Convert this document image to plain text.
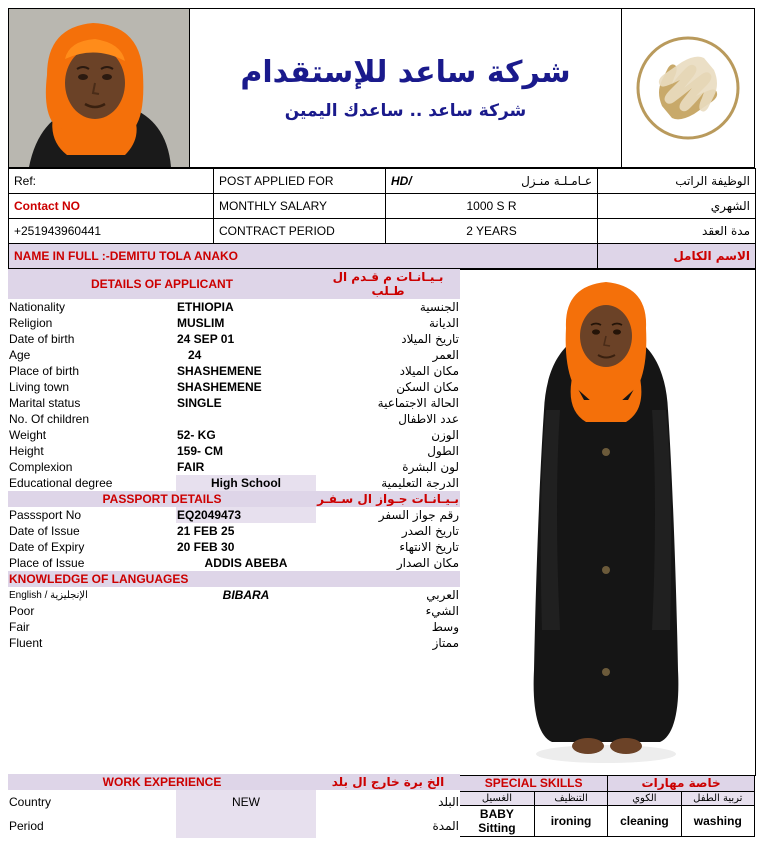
شركة ساعد للإستقدام
شركة ساعد .. ساعدك اليمين
Ref:	POST APPLIED FOR	HD/ عـامـلـة منـزل	الوظيفة الراتب
Contact NO	MONTHLY SALARY	1000 S R	الشهري
+251943960441	CONTRACT PERIOD	2 YEARS	مدة العقد
NAME IN FULL :-DEMITU TOLA ANAKO			الاسم الكامل
DETAILS OF APPLICANT		بـيـانـات م قـدم ال طـلب
Nationality	ETHIOPIA	الجنسية
Religion	MUSLIM	الديانة
Date of birth	24 SEP 01	تاريخ الميلاد
Age	24	العمر
Place of birth	SHASHEMENE	مكان الميلاد
Living town	SHASHEMENE	مكان السكن
Marital status	SINGLE	الحالة الاجتماعية
No. Of children		عدد الاطفال
Weight	52- KG	الوزن
Height	159- CM	الطول
Complexion	FAIR	لون البشرة
Educational degree	High School	الدرجة التعليمية
PASSPORT DETAILS		بـيـانـات جـواز ال سـفـر
Passsport No	EQ2049473	رقم جواز السفر
Date of Issue	21 FEB 25	تاريخ الصدر
Date of Expiry	20 FEB 30	تاريخ الانتهاء
Place of Issue	ADDIS ABEBA	مكان الصدار
KNOWLEDGE OF LANGUAGES		
English / الإنجليزية			BIBARA	العربي
Poor				الشيء
Fair				وسط
Fluent				ممتاز

WORK EXPERIENCE		الخ برة خارج ال بلد
Country	NEW	البلد
Period		المدة
SPECIAL SKILLS		خاصة مهارات	
الغسيل	التنظيف	الكوي	تربية الطفل
BABY Sitting	ironing	cleaning	washing
